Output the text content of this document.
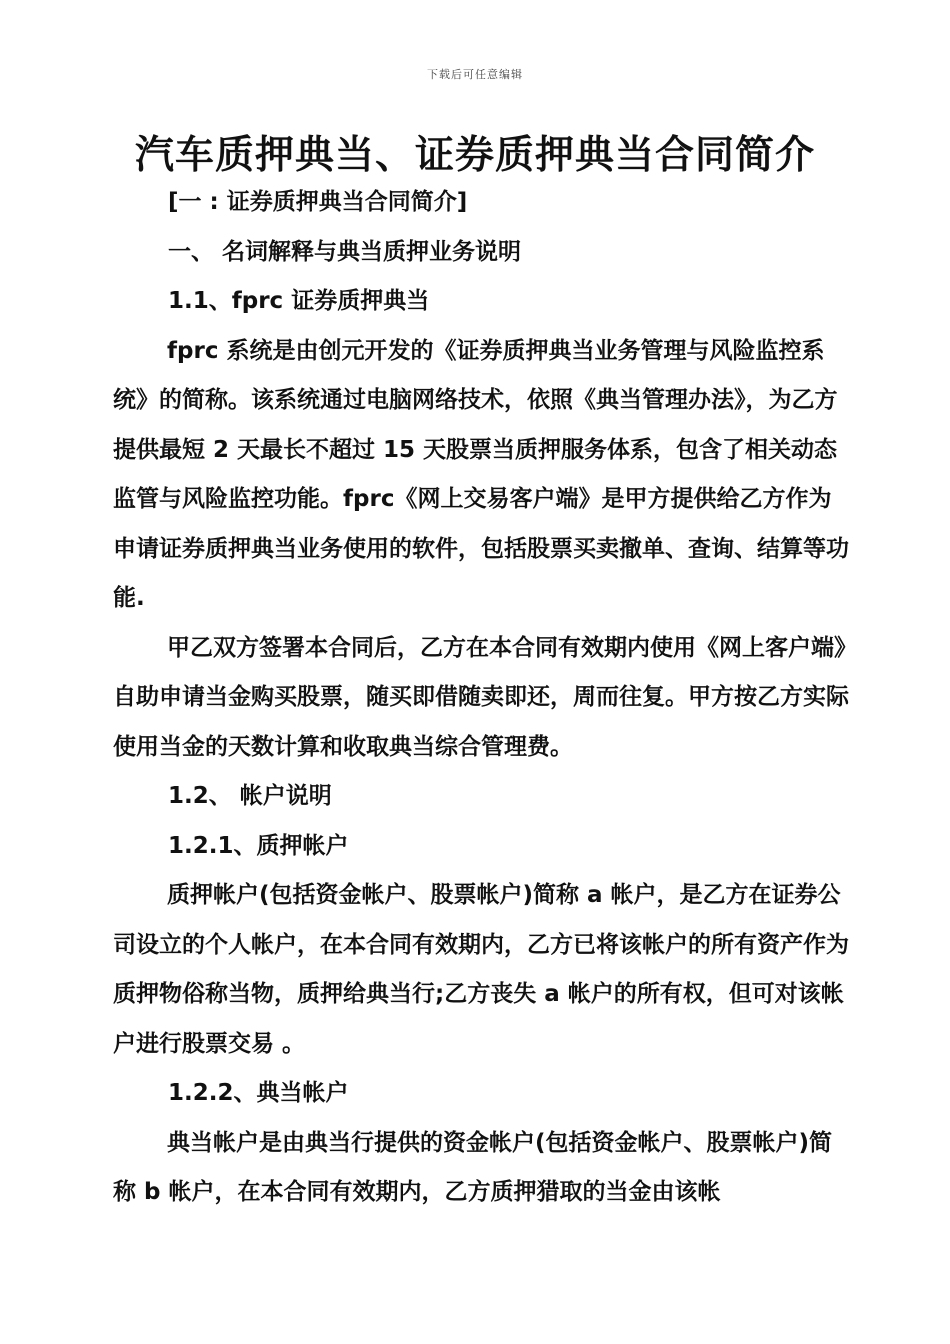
下载后可任意编辑
汽车质押典当、证券质押典当合同简介

[一 : 证券质押典当合同简介]

一、 名词解释与典当质押业务说明

1.1、fprc 证券质押典当

fprc 系统是由创元开发的《证券质押典当业务管理与风险监控系统》的简称。该系统通过电脑网络技术，依照《典当管理办法》，为乙方提供最短 2 天最长不超过 15 天股票当质押服务体系，包含了相关动态监管与风险监控功能。fprc《网上交易客户端》是甲方提供给乙方作为申请证券质押典当业务使用的软件，包括股票买卖撤单、查询、结算等功能.

甲乙双方签署本合同后，乙方在本合同有效期内使用《网上客户端》自助申请当金购买股票，随买即借随卖即还，周而往复。甲方按乙方实际使用当金的天数计算和收取典当综合管理费。

1.2、 帐户说明

1.2.1、质押帐户

质押帐户(包括资金帐户、股票帐户)简称 a 帐户，是乙方在证券公司设立的个人帐户，在本合同有效期内，乙方已将该帐户的所有资产作为质押物俗称当物，质押给典当行;乙方丧失 a 帐户的所有权，但可对该帐户进行股票交易 。

1.2.2、典当帐户

典当帐户是由典当行提供的资金帐户(包括资金帐户、股票帐户)简称 b 帐户，在本合同有效期内，乙方质押猎取的当金由该帐
